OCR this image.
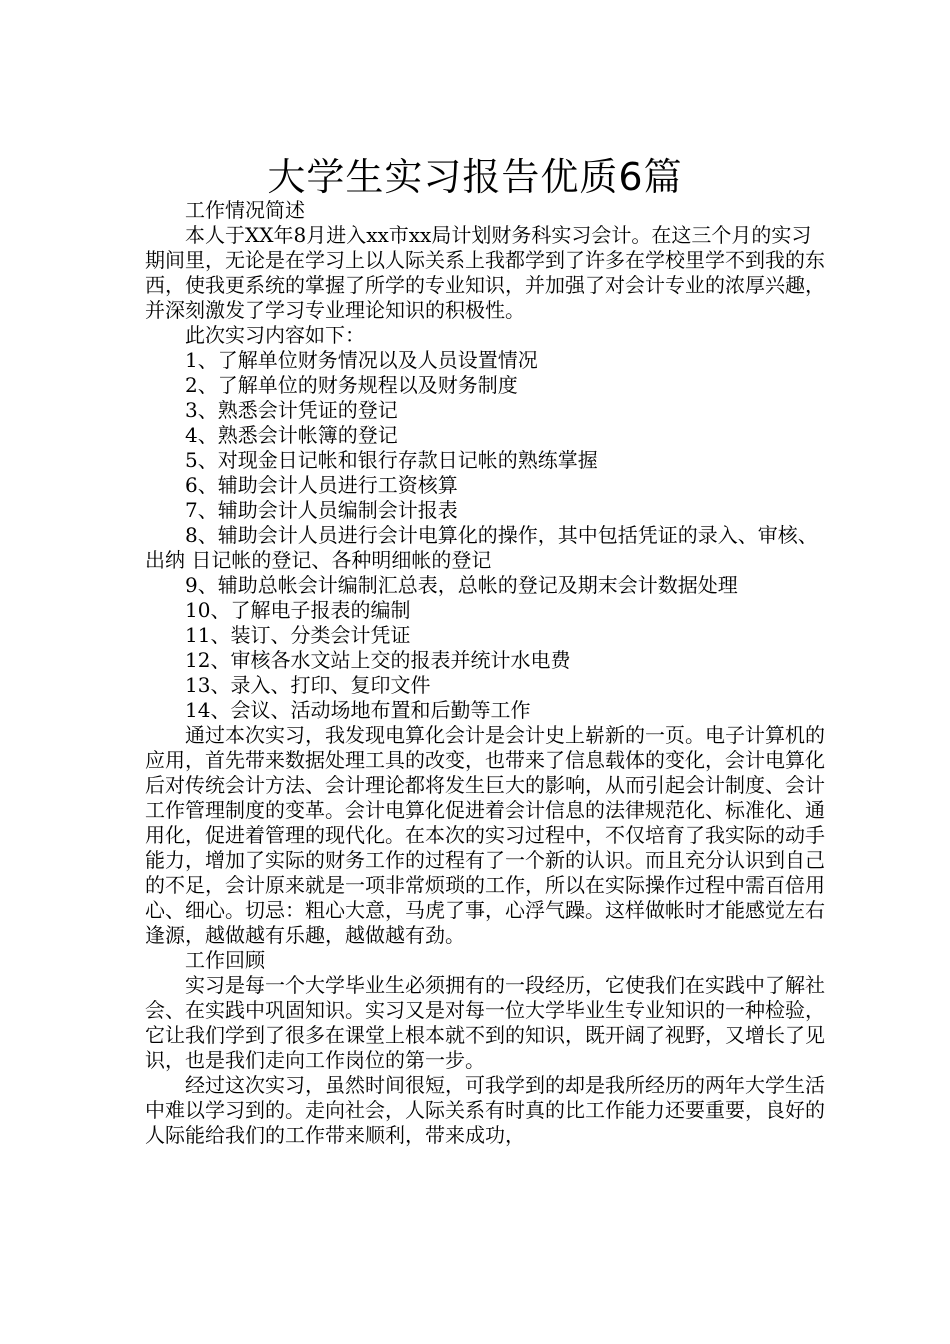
大学生实习报告优质6篇

工作情况简述

本人于XX年8月进入xx市xx局计划财务科实习会计。在这三个月的实习期间里，无论是在学习上以人际关系上我都学到了许多在学校里学不到我的东西，使我更系统的掌握了所学的专业知识，并加强了对会计专业的浓厚兴趣，并深刻激发了学习专业理论知识的积极性。

此次实习内容如下：

1、了解单位财务情况以及人员设置情况

2、了解单位的财务规程以及财务制度

3、熟悉会计凭证的登记

4、熟悉会计帐簿的登记

5、对现金日记帐和银行存款日记帐的熟练掌握

6、辅助会计人员进行工资核算

7、辅助会计人员编制会计报表

8、辅助会计人员进行会计电算化的操作，其中包括凭证的录入、审核、出纳 日记帐的登记、各种明细帐的登记

9、辅助总帐会计编制汇总表，总帐的登记及期末会计数据处理

10、了解电子报表的编制

11、装订、分类会计凭证

12、审核各水文站上交的报表并统计水电费

13、录入、打印、复印文件

14、会议、活动场地布置和后勤等工作

通过本次实习，我发现电算化会计是会计史上崭新的一页。电子计算机的应用，首先带来数据处理工具的改变，也带来了信息载体的变化，会计电算化后对传统会计方法、会计理论都将发生巨大的影响，从而引起会计制度、会计工作管理制度的变革。会计电算化促进着会计信息的法律规范化、标准化、通用化，促进着管理的现代化。在本次的实习过程中，不仅培育了我实际的动手能力，增加了实际的财务工作的过程有了一个新的认识。而且充分认识到自己的不足，会计原来就是一项非常烦琐的工作，所以在实际操作过程中需百倍用心、细心。切忌：粗心大意，马虎了事，心浮气躁。这样做帐时才能感觉左右逢源，越做越有乐趣，越做越有劲。

工作回顾

实习是每一个大学毕业生必须拥有的一段经历，它使我们在实践中了解社会、在实践中巩固知识。实习又是对每一位大学毕业生专业知识的一种检验，它让我们学到了很多在课堂上根本就不到的知识，既开阔了视野，又增长了见识，也是我们走向工作岗位的第一步。

经过这次实习，虽然时间很短，可我学到的却是我所经历的两年大学生活中难以学习到的。走向社会，人际关系有时真的比工作能力还要重要，良好的人际能给我们的工作带来顺利，带来成功，
